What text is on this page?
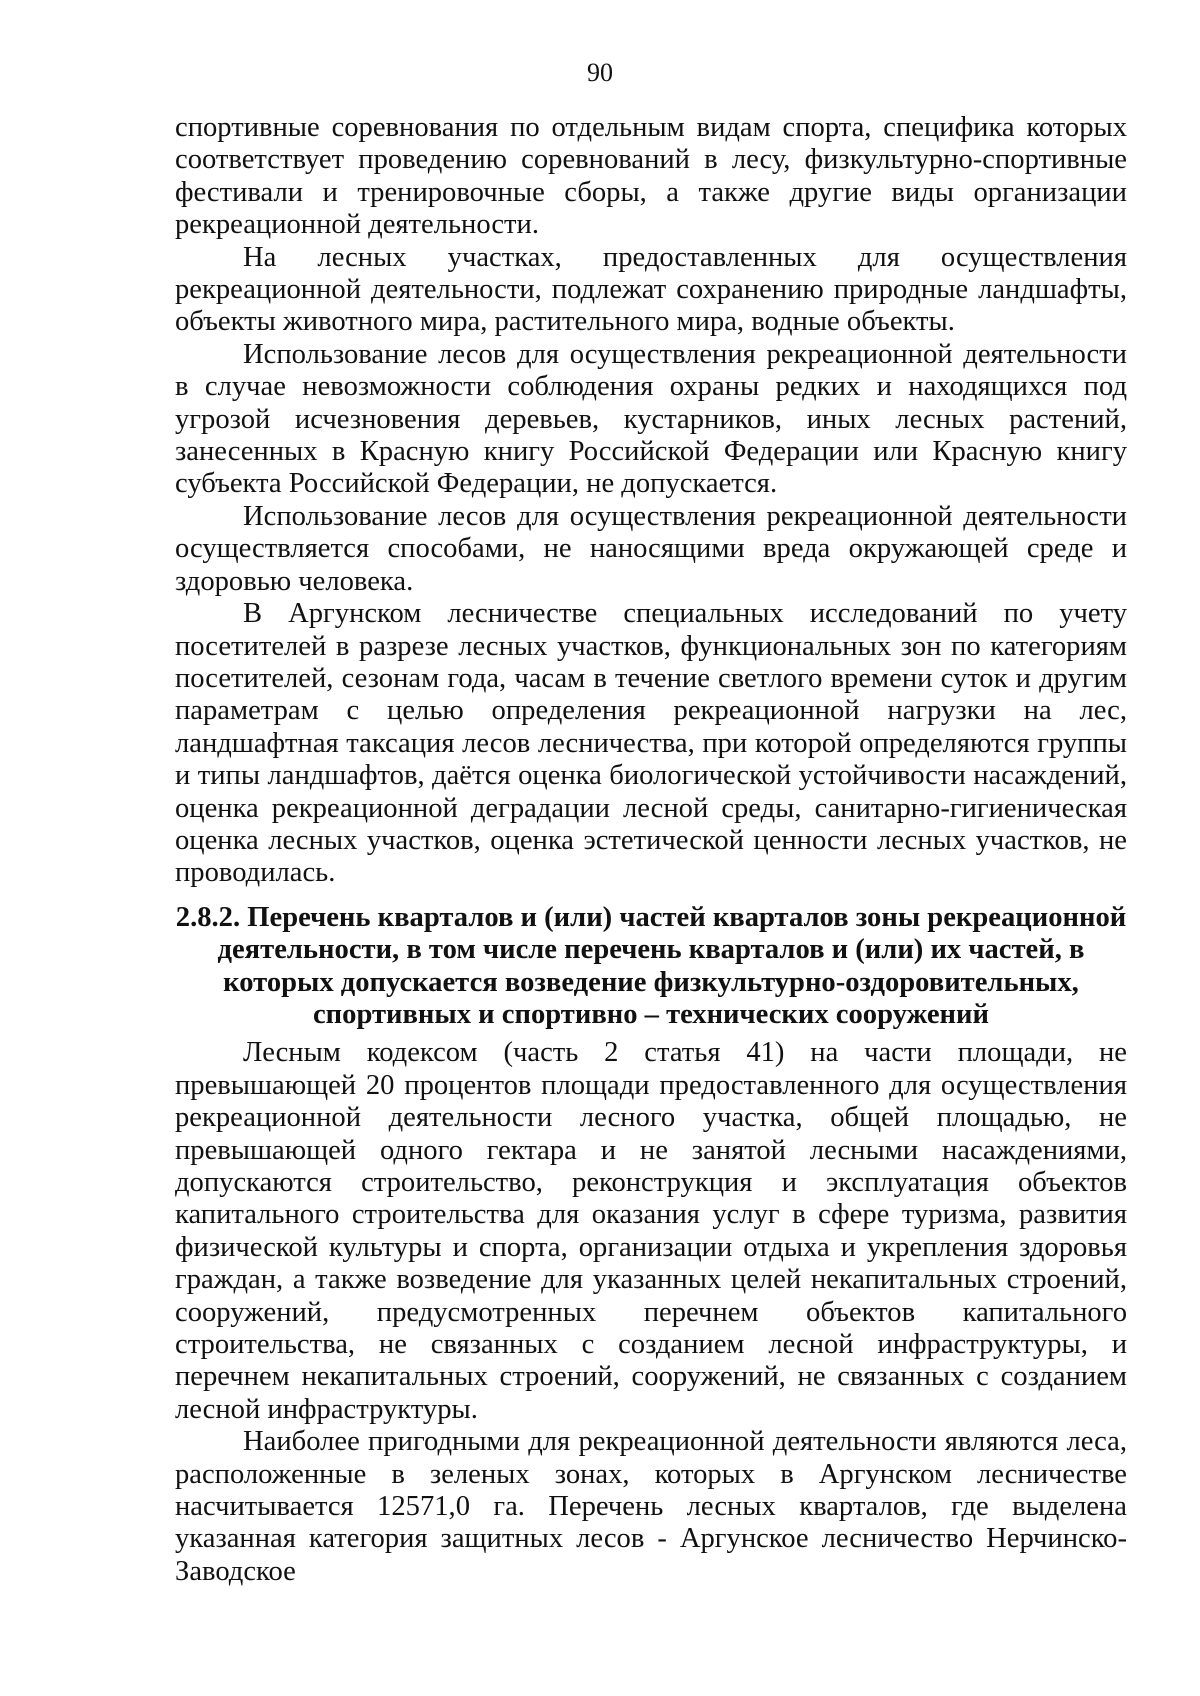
90

спортивные соревнования по отдельным видам спорта, специфика которых соответствует проведению соревнований в лесу, физкультурно-спортивные фестивали и тренировочные сборы, а также другие виды организации рекреационной деятельности.

На лесных участках, предоставленных для осуществления рекреационной деятельности, подлежат сохранению природные ландшафты, объекты животного мира, растительного мира, водные объекты.

Использование лесов для осуществления рекреационной деятельности в случае невозможности соблюдения охраны редких и находящихся под угрозой исчезновения деревьев, кустарников, иных лесных растений, занесенных в Красную книгу Российской Федерации или Красную книгу субъекта Российской Федерации, не допускается.

Использование лесов для осуществления рекреационной деятельности осуществляется способами, не наносящими вреда окружающей среде и здоровью человека.

В Аргунском лесничестве специальных исследований по учету посетителей в разрезе лесных участков, функциональных зон по категориям посетителей, сезонам года, часам в течение светлого времени суток и другим параметрам с целью определения рекреационной нагрузки на лес, ландшафтная таксация лесов лесничества, при которой определяются группы и типы ландшафтов, даётся оценка биологической устойчивости насаждений, оценка рекреационной деградации лесной среды, санитарно-гигиеническая оценка лесных участков, оценка эстетической ценности лесных участков, не проводилась.

2.8.2. Перечень кварталов и (или) частей кварталов зоны рекреационной деятельности, в том числе перечень кварталов и (или) их частей, в которых допускается возведение физкультурно-оздоровительных, спортивных и спортивно – технических сооружений

Лесным кодексом (часть 2 статья 41) на части площади, не превышающей 20 процентов площади предоставленного для осуществления рекреационной деятельности лесного участка, общей площадью, не превышающей одного гектара и не занятой лесными насаждениями, допускаются строительство, реконструкция и эксплуатация объектов капитального строительства для оказания услуг в сфере туризма, развития физической культуры и спорта, организации отдыха и укрепления здоровья граждан, а также возведение для указанных целей некапитальных строений, сооружений, предусмотренных перечнем объектов капитального строительства, не связанных с созданием лесной инфраструктуры, и перечнем некапитальных строений, сооружений, не связанных с созданием лесной инфраструктуры.

Наиболее пригодными для рекреационной деятельности являются леса, расположенные в зеленых зонах, которых в Аргунском лесничестве насчитывается 12571,0 га. Перечень лесных кварталов, где выделена указанная категория защитных лесов - Аргунское лесничество Нерчинско-Заводское
